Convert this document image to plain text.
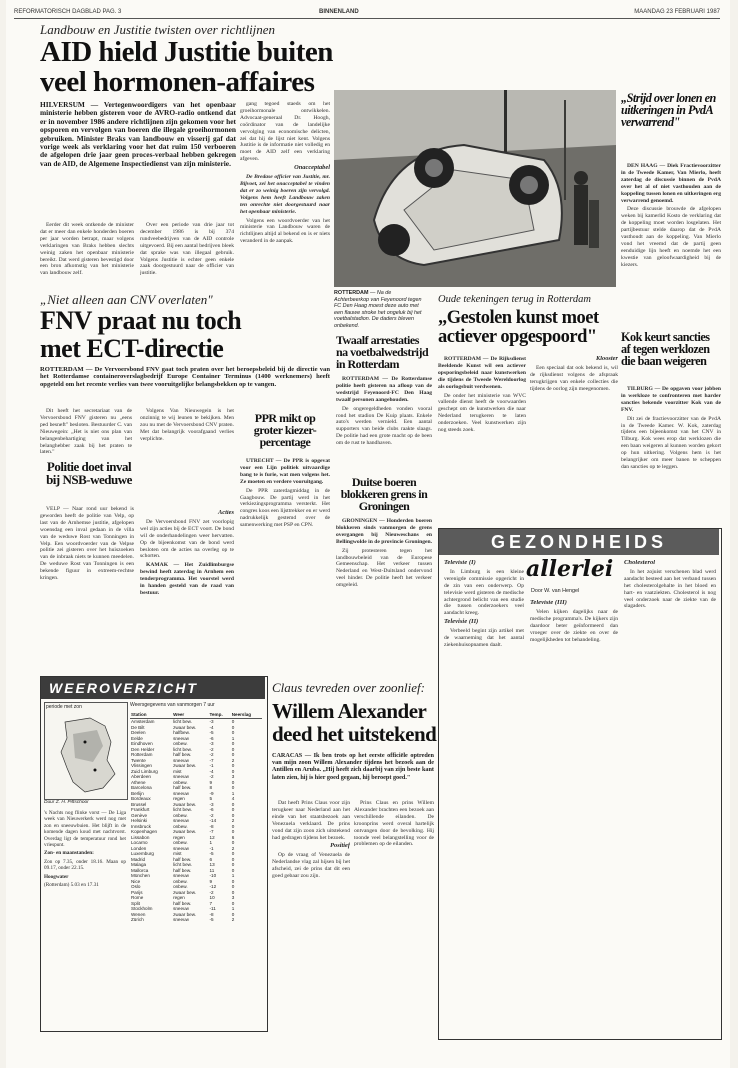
REFORMATORISCH DAGBLAD PAG. 3	BINNENLAND	MAANDAG 23 FEBRUARI 1987
Landbouw en Justitie twisten over richtlijnen
AID hield Justitie buiten
veel hormonen-affaires
HILVERSUM — Vertegenwoordigers van het openbaar ministerie hebben gisteren voor de AVRO-radio ontkend dat er in november 1986 andere richtlijnen zijn gekomen voor het opsporen en vervolgen van boeren die illegale groeihormonen gebruiken. Minister Braks van landbouw en visserij gaf dat vorige week als verklaring voor het dat ruim 150 verboeren de afgelopen drie jaar geen proces-verbaal hebben gekregen van de AID, de Algemene Inspectiedienst van zijn ministerie.

Eerder dit week ontkende de minister dat er meer dan enkele honderden boeren per jaar worden betrapt, maar volgens verklaringen van Braks hebben slechts weinig zaken het openbaar ministerie bereikt. Dat werd gisteren bevestigd door een bron afkomstig van het ministerie van landbouw zelf.

Over een periode van drie jaar tot december 1986 is bij 374 rundveebedrijven van de AID controle uitgevoerd. Bij een aantal bedrijven bleek dat sprake was van illegaal gebruik. Volgens Justitie is echter geen enkele zaak doorgestuurd naar de officier van justitie.

gang tegoed staeds om het groeihormonale ontwikkelen. Advocaat-generaal Dr. Hoogh, coördinator van de landelijke vervolging van economische delicten, zei dat hij de lijst niet kent. Volgens Justitie is de informatie niet volledig en moet de AID zelf een verklaring afgeven.

Onacceptabel

De Bredase officier van Justitie, mr. Bijvoet, zei het onacceptabel te vinden dat er zo weinig boeren zijn vervolgd. Volgens hem heeft Landbouw zaken ten onrechte niet doorgestuurd naar het openbaar ministerie.

Volgens een woordvoerder van het ministerie van Landbouw waren de richtlijnen altijd al bekend en is er niets veranderd in de aanpak.

ROTTERDAM — Na de Achterbeerkop van Feyenoord tegen FC Den Haag moest deze auto met een flauwe stroke het ongeluk bij het voetbalstadion. De daders bleven onbekend.
„Strijd over lonen en uitkeringen in PvdA verwarrend"

DEN HAAG — Diek Fractievoorzitter in de Tweede Kamer, Van Mierlo, heeft zaterdag de discussie binnen de PvdA over het al of niet vasthouden aan de koppeling tussen lonen en uitkeringen erg verwarrend genoemd.

Deze discussie brouwde de afgelopen weken bij kamerlid Kosto de verklaring dat de koppeling moet worden losgelaten. Het partijbestuur stelde daarop dat de PvdA vasthoudt aan de koppeling. Van Mierlo vond het vreemd dat de partij geen eenduidige lijn heeft en noemde het een kwestie van geloofwaardigheid bij de kiezers.

Kok keurt sancties af tegen werklozen die baan weigeren

TILBURG — De opgaven voor jobben in werkloze te confronteren met harder sancties bekende voorzitter Kok van de FNV.

Dit zei de fractievoorzitter van de PvdA in de Tweede Kamer. W. Kok, zaterdag tijdens een bijeenkomst van het CNV in Tilburg. Kok wees erop dat werklozen die een baan weigeren al kunnen worden gekort op hun uitkering. Volgens hem is het belangrijker om meer banen te scheppen dan sancties op te leggen.

„Niet alleen aan CNV overlaten"
FNV praat nu toch
met ECT-directie
ROTTERDAM — De Vervoersbond FNV gaat toch praten over het beroepsbeleid bij de directie van het Rotterdamse containeroverslagbedrijf Europe Container Terminus (1400 werknemers) heeft opgeteld om het recente verlies van twee vooruitgelijke belangsbekken op te vangen.

Dit heeft het secretariaat van de Vervoersbond FNV gisteren nu „eens ped besneft" besloten. Bestuurder C. van Nieuwegein: „Het is niet ons plan van belangenbehartiging van het belanghebber zaak bij het praten te laten."

Volgens Van Nieuwegein is het onzinnig te wij leunen te bekijken. Men zou nu met de Vervoersbond CNV praten. Met dat belangrijk voorafgaand verlies verplichte.

Politie doet inval bij NSB-weduwe

VELP — Naar rond uur bekend is geworden heeft de politie van Velp, op last van de Arnhemse justitie, afgelopen woensdag een inval gedaan in de villa van de weduwe Rost van Tonningen in Velp. Een woordvoerder van de Velpse politie zei gisteren over het huiszoeken van de inbraak niets te kunnen meedelen. De weduwe Rost van Tonningen is een bekende figuur in extreem-rechtse kringen.

Acties

De Vervoersbond FNV zet voorlopig wel zijn acties bij de ECT voort. De bond wil de onderhandelingen weer hervatten. Op de bijeenkomst van de bond werd besloten om de acties na overleg op te schorten.

KAMAK — Het Zuidlimburgse bewind heeft zaterdag in Arnhem een tenderprogramma. Het voorstel werd in handen gesteld van de raad van bestuur.

PPR mikt op groter kiezer-percentage

UTRECHT — De PPR is opgevat voor een Lijn politiek uitvaardige bang te is furie, wat men volgens het. Ze moeten en verdere vooruitgang.

De PPR zaterdagmiddag in de Gaagbouw. De partij werd in het verkiezingsprogramma versterkt. Het congres koos een lijsttrekker en er werd nadrukkelijk gestemd over de samenwerking met PSP en CPN.

Twaalf arrestaties na voetbalwedstrijd in Rotterdam

ROTTERDAM — De Rotterdamse politie heeft gisteren na afloop van de wedstrijd Feyenoord-FC Den Haag twaalf personen aangehouden.

De ongeregeldheden vonden vooral rond het stadion De Kuip plaats. Enkele auto's werden vernield. Een aantal supporters van beide clubs raakte slaags. De politie had een grote macht op de been om de rust te handhaven.

Duitse boeren blokkeren grens in Groningen

GRONINGEN — Honderden boeren blokkeren sinds vanmorgen de grens overgangen bij Nieuweschans en Bellingwolde in de provincie Groningen.

Zij protesteren tegen het landbouwbeleid van de Europese Gemeenschap. Het verkeer tussen Nederland en West-Duitsland ondervond veel hinder. De politie heeft het verkeer omgeleid.

Oude tekeningen terug in Rotterdam
„Gestolen kunst moet actiever opgespoord"

ROTTERDAM — De Rijksdienst Beeldende Kunst wil een actiever opsporingsbeleid naar kunstwerken die tijdens de Tweede Wereldoorlog als oorlogsbuit verdwenen.

De onder het ministerie van WVC vallende dienst heeft de voorwaarden geschept om de kunstwerken die naar Nederland terugkeren te laten onderzoeken. Veel kunstwerken zijn nog steeds zoek.

Klooster

Een speciaal dat ook bekend is, wil de rijksdienst volgens de afspraak terugkrijgen van enkele collecties die tijdens de oorlog zijn meegenomen.

GEZONDHEIDS
allerlei
Door W. van Hengel

Televisie (I)

In Limburg is een kleine verenigde commissie opgericht in de zin van een onderwerp. Op televisie werd gisteren de medische achtergrond belicht van een studie die tussen onderzoekers veel aandacht kreeg.

Televisie (II)

Verbeeld begint zijn artikel met de waarneming dat het aantal ziekenhuisopnamen daalt.

Televisie (III)

Velen kijken dagelijks naar de medische programma's. De kijkers zijn daardoor beter geïnformeerd dan vroeger over de ziekte en over de mogelijkheden tot behandeling.

Cholesterol

In het zojuist verschenen blad werd aandacht besteed aan het verband tussen het cholesterolgehalte in het bloed en hart- en vaatziekten. Cholesterol is nog veel onderzoek naar de ziekte van de slagaders.

WEEROVERZICHT
periode met zon
Duur Z. H. Piftschoor

's Nachts nog flinke vorst — De Liga week van Nieuwerkerk werd nog met zon en sneeuwbuien. Het blijft in de komende dagen koud met nachtvorst. Overdag ligt de temperatuur rond het vriespunt.

Zon- en maanstanden:

Zon op 7.35, onder 18.16. Maan op 09.17, onder 22.15.

Hoogwater

(Rotterdam) 5.03 en 17.31

Weersgegevens van vanmorgen 7 uur
Station	Weer	Temp.	Neerslag
Amsterdam	licht bew.	-3	0
De Bilt	zwaar bew.	-4	0
Deelen	halfbew.	-5	0
Eelde	sneeuw	-6	1
Eindhoven	onbew.	-3	0
Den Helder	licht bew.	-2	0
Rotterdam	half bew.	-2	0
Twente	sneeuw	-7	2
Vlissingen	zwaar bew.	-1	0
Zuid Limburg	mist	-4	0
Aberdeen	sneeuw	-2	3
Athene	onbew.	9	0
Barcelona	half bew.	8	0
Berlijn	sneeuw	-9	1
Bordeaux	regen	5	4
Brussel	zwaar bew.	-3	0
Frankfurt	licht bew.	-6	0
Genève	onbew.	-2	0
Helsinki	sneeuw	-14	2
Innsbruck	onbew.	-8	0
Kopenhagen	zwaar bew.	-7	0
Lissabon	regen	12	6
Locarno	onbew.	1	0
Londen	sneeuw	-1	2
Luxemburg	mist	-5	0
Madrid	half bew.	6	0
Malaga	licht bew.	13	0
Mallorca	half bew.	11	0
München	sneeuw	-10	1
Nice	onbew.	9	0
Oslo	onbew.	-12	0
Parijs	zwaar bew.	-2	0
Rome	regen	10	3
Split	half bew.	7	0
Stockholm	sneeuw	-11	1
Wenen	zwaar bew.	-8	0
Zürich	sneeuw	-5	2
Claus tevreden over zoonlief:
Willem Alexander deed het uitstekend
CARACAS — Ik ben trots op het eerste officiële optreden van mijn zoon Willem Alexander tijdens het bezoek aan de Antillen en Aruba. „Hij heeft zich daarbij van zijn beste kant laten zien, hij is hier goed gegaan, hij beroept goed."

Dat heeft Prins Claus voor zijn terugkeer naar Nederland aan het einde van het staatsbezoek aan Venezuela verklaard. De prins vond dat zijn zoon zich uitstekend had gedragen tijdens het bezoek.

Positief

Op de vraag of Venezuela de Nederlandse vlag zal hijsen bij het afscheid, zei de prins dat dit een goed gebaar zou zijn.

Prins Claus en prins Willem Alexander brachten een bezoek aan verschillende eilanden. De kroonprins werd overal hartelijk ontvangen door de bevolking. Hij toonde veel belangstelling voor de problemen op de eilanden.
